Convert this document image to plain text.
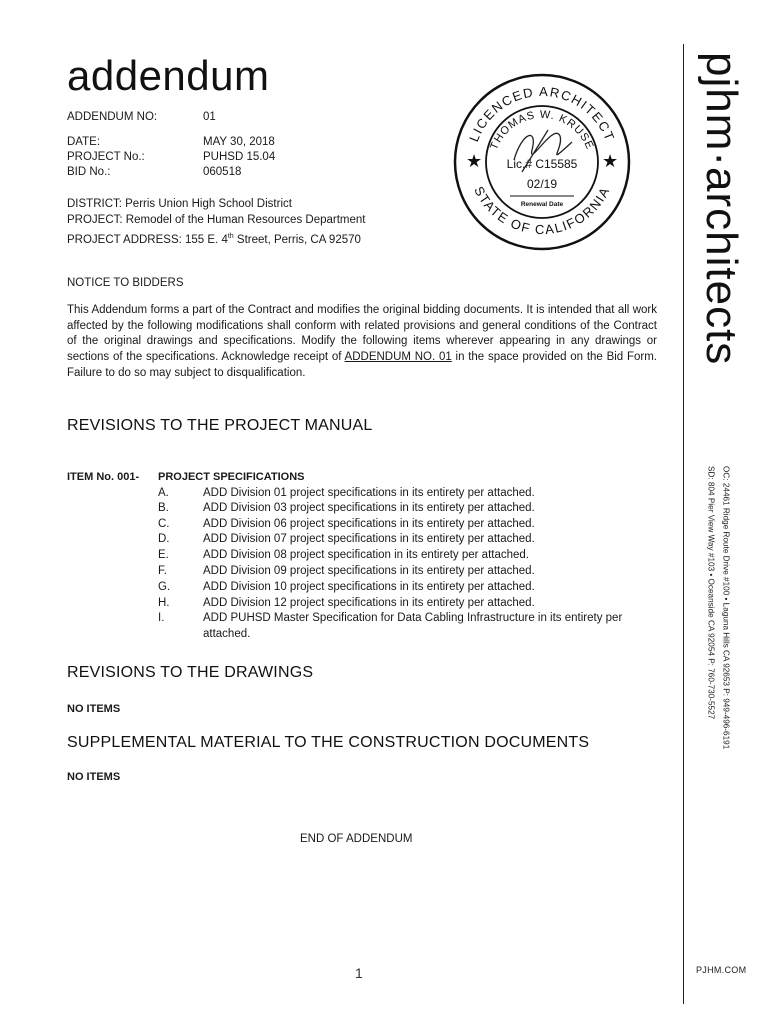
addendum
ADDENDUM NO:	01
DATE:	MAY 30, 2018
PROJECT No.:	PUHSD 15.04
BID No.:	060518
DISTRICT: Perris Union High School District
PROJECT: Remodel of the Human Resources Department
PROJECT ADDRESS: 155 E. 4th Street, Perris, CA 92570
LICENCED ARCHITECT
THOMAS W. KRUSE
STATE OF CALIFORNIA
★	★
Lic.# C15585
02/19
Renewal Date
NOTICE TO BIDDERS
This Addendum forms a part of the Contract and modifies the original bidding documents. It is intended that all work affected by the following modifications shall conform with related provisions and general conditions of the Contract of the original drawings and specifications. Modify the following items wherever appearing in any drawings or sections of the specifications. Acknowledge receipt of ADDENDUM NO. 01 in the space provided on the Bid Form. Failure to do so may subject to disqualification.
REVISIONS TO THE PROJECT MANUAL
ITEM No. 001- PROJECT SPECIFICATIONS
A.	ADD Division 01 project specifications in its entirety per attached.
B.	ADD Division 03 project specifications in its entirety per attached.
C.	ADD Division 06 project specifications in its entirety per attached.
D.	ADD Division 07 project specifications in its entirety per attached.
E.	ADD Division 08 project specification in its entirety per attached.
F.	ADD Division 09 project specifications in its entirety per attached.
G.	ADD Division 10 project specifications in its entirety per attached.
H.	ADD Division 12 project specifications in its entirety per attached.
I.	ADD PUHSD Master Specification for Data Cabling Infrastructure in its entirety per attached.
REVISIONS TO THE DRAWINGS
NO ITEMS
SUPPLEMENTAL MATERIAL TO THE CONSTRUCTION DOCUMENTS
NO ITEMS
END OF ADDENDUM
1
pjhm·architects
OC: 24461 Ridge Route Drive #100 • Laguna Hills CA 92653 P: 949-496-6191
SD: 804 Pier View Way #103 • Oceanside CA 92054 P: 760-730-5527
PJHM.COM
